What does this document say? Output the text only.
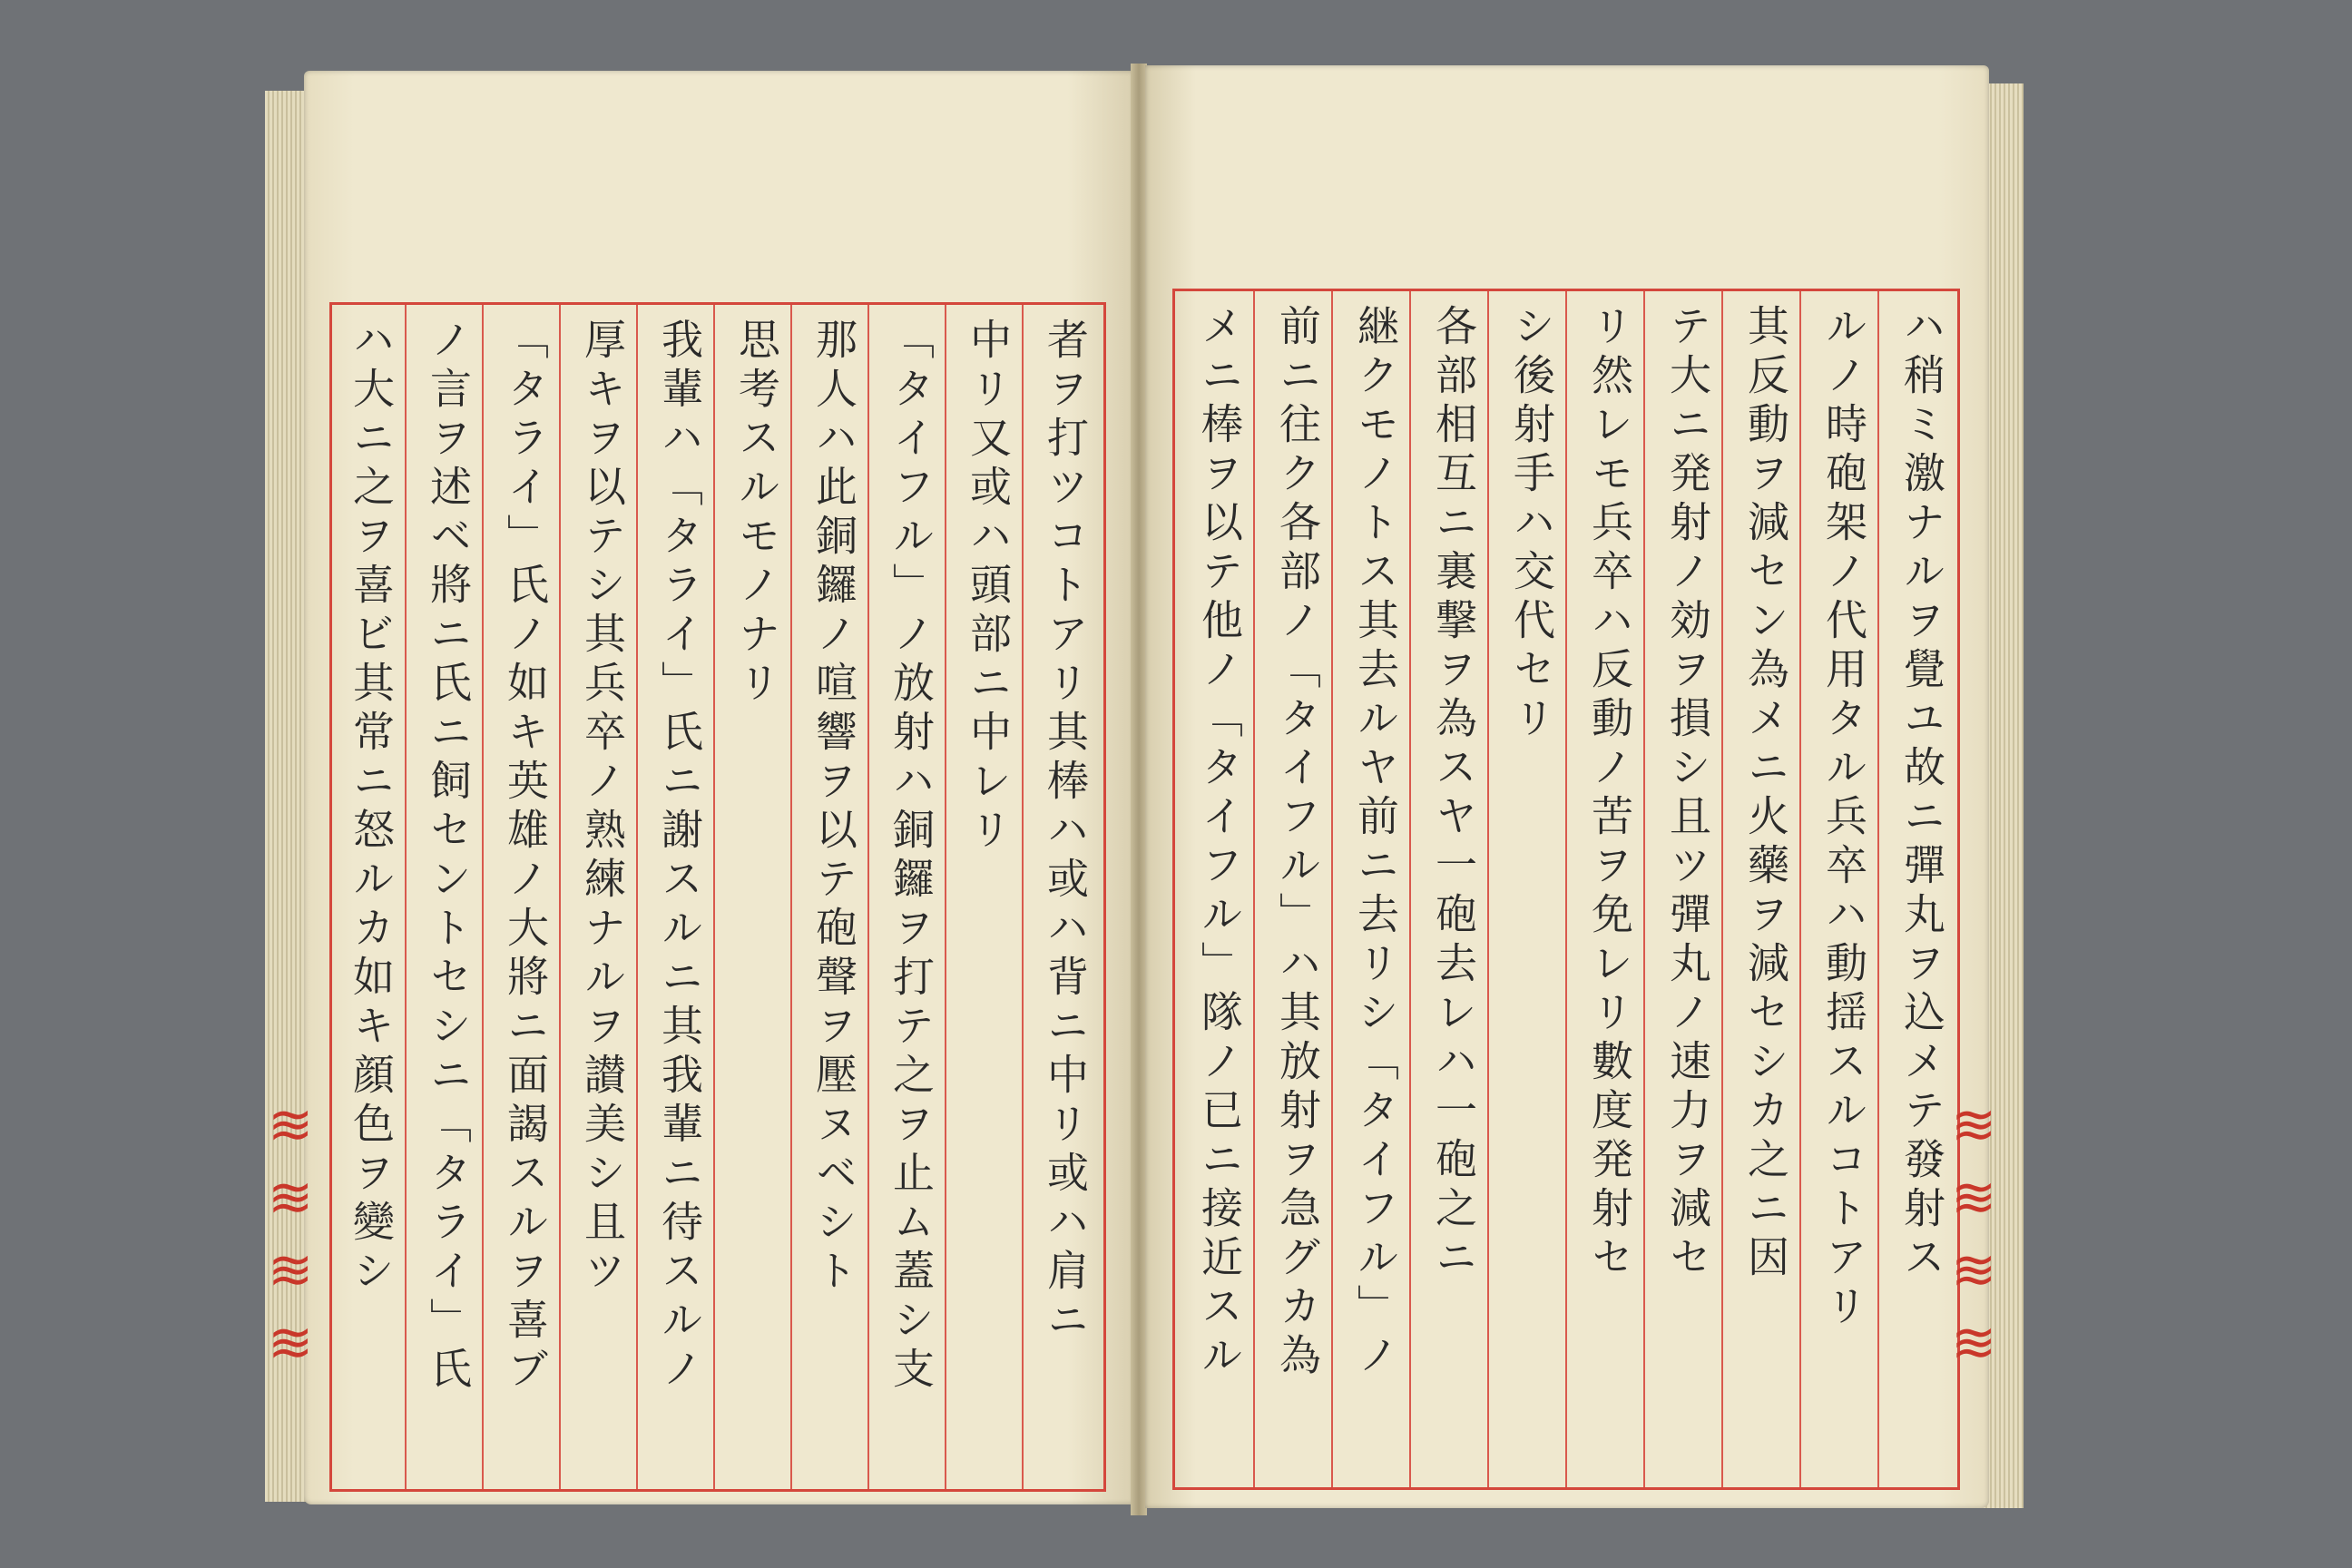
者ヲ打ツコトアリ其棒ハ或ハ背ニ中リ或ハ肩ニ
中リ又或ハ頭部ニ中レリ
「タイフル」ノ放射ハ銅鑼ヲ打テ之ヲ止ム蓋シ支
那人ハ此銅鑼ノ喧響ヲ以テ砲聲ヲ壓ヌベシト
思考スルモノナリ
我輩ハ「タライ」氏ニ謝スルニ其我輩ニ待スルノ
厚キヲ以テシ其兵卒ノ熟練ナルヲ讃美シ且ツ
「タライ」氏ノ如キ英雄ノ大將ニ面謁スルヲ喜ブ
ノ言ヲ述ベ將ニ氏ニ飼セントセシニ「タライ」氏
ハ大ニ之ヲ喜ビ其常ニ怒ルカ如キ顔色ヲ變シ	ハ稍ミ激ナルヲ覺ユ故ニ彈丸ヲ込メテ發射ス
ルノ時砲架ノ代用タル兵卒ハ動揺スルコトアリ
其反動ヲ減セン為メニ火藥ヲ減セシカ之ニ因
テ大ニ発射ノ効ヲ損シ且ツ彈丸ノ速力ヲ減セ
リ然レモ兵卒ハ反動ノ苦ヲ免レリ數度発射セ
シ後射手ハ交代セリ
各部相互ニ裏撃ヲ為スヤ一砲去レハ一砲之ニ
継クモノトス其去ルヤ前ニ去リシ「タイフル」ノ
前ニ往ク各部ノ「タイフル」ハ其放射ヲ急グカ為
メニ棒ヲ以テ他ノ「タイフル」隊ノ已ニ接近スル
≋
≋
≋
≋
≋
≋
≋
≋
